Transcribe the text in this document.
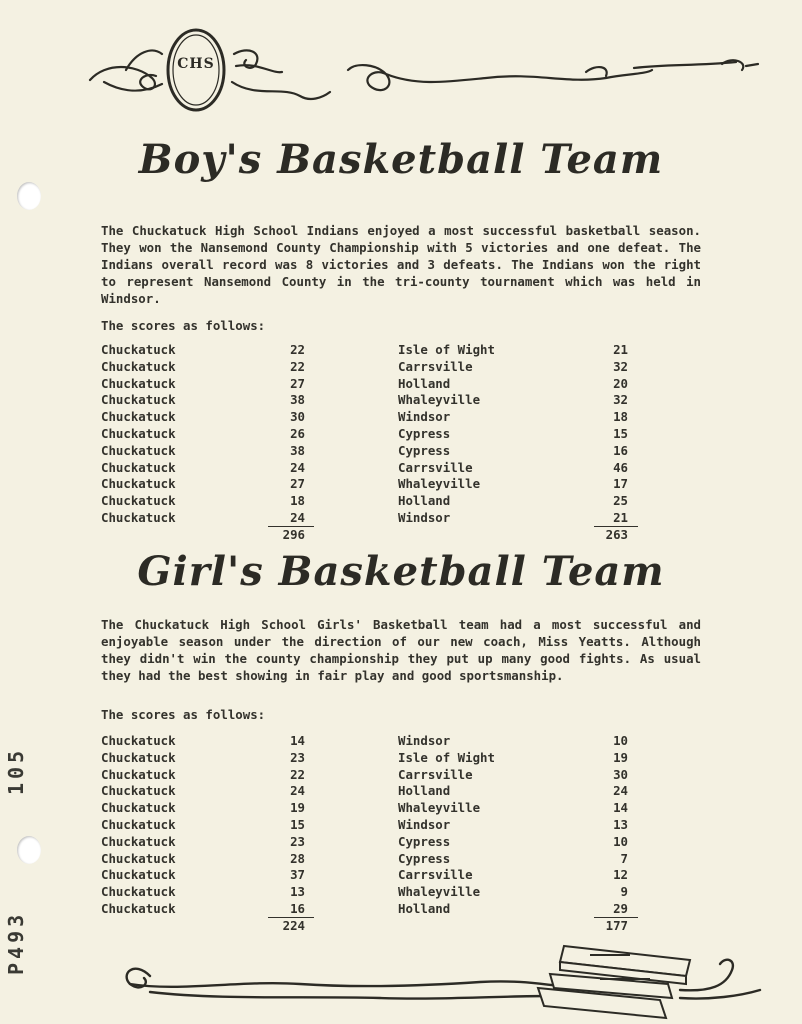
CHS
Boy's Basketball Team

The Chuckatuck High School Indians enjoyed a most successful basketball season. They won the Nansemond County Championship with 5 victories and one defeat. The Indians overall record was 8 victories and 3 defeats. The Indians won the right to represent Nansemond County in the tri-county tournament which was held in Windsor.

The scores as follows:
Chuckatuck
Chuckatuck
Chuckatuck
Chuckatuck
Chuckatuck
Chuckatuck
Chuckatuck
Chuckatuck
Chuckatuck
Chuckatuck
Chuckatuck
22
22
27
38
30
26
38
24
27
18
24
Isle of Wight
Carrsville
Holland
Whaleyville
Windsor
Cypress
Cypress
Carrsville
Whaleyville
Holland
Windsor
21
32
20
32
18
15
16
46
17
25
21
296	263
Girl's Basketball Team

The Chuckatuck High School Girls' Basketball team had a most successful and enjoyable season under the direction of our new coach, Miss Yeatts. Although they didn't win the county championship they put up many good fights. As usual they had the best showing in fair play and good sportsmanship.

The scores as follows:
Chuckatuck
Chuckatuck
Chuckatuck
Chuckatuck
Chuckatuck
Chuckatuck
Chuckatuck
Chuckatuck
Chuckatuck
Chuckatuck
Chuckatuck
14
23
22
24
19
15
23
28
37
13
16
Windsor
Isle of Wight
Carrsville
Holland
Whaleyville
Windsor
Cypress
Cypress
Carrsville
Whaleyville
Holland
10
19
30
24
14
13
10
7
12
9
29
224	177
105
P493
